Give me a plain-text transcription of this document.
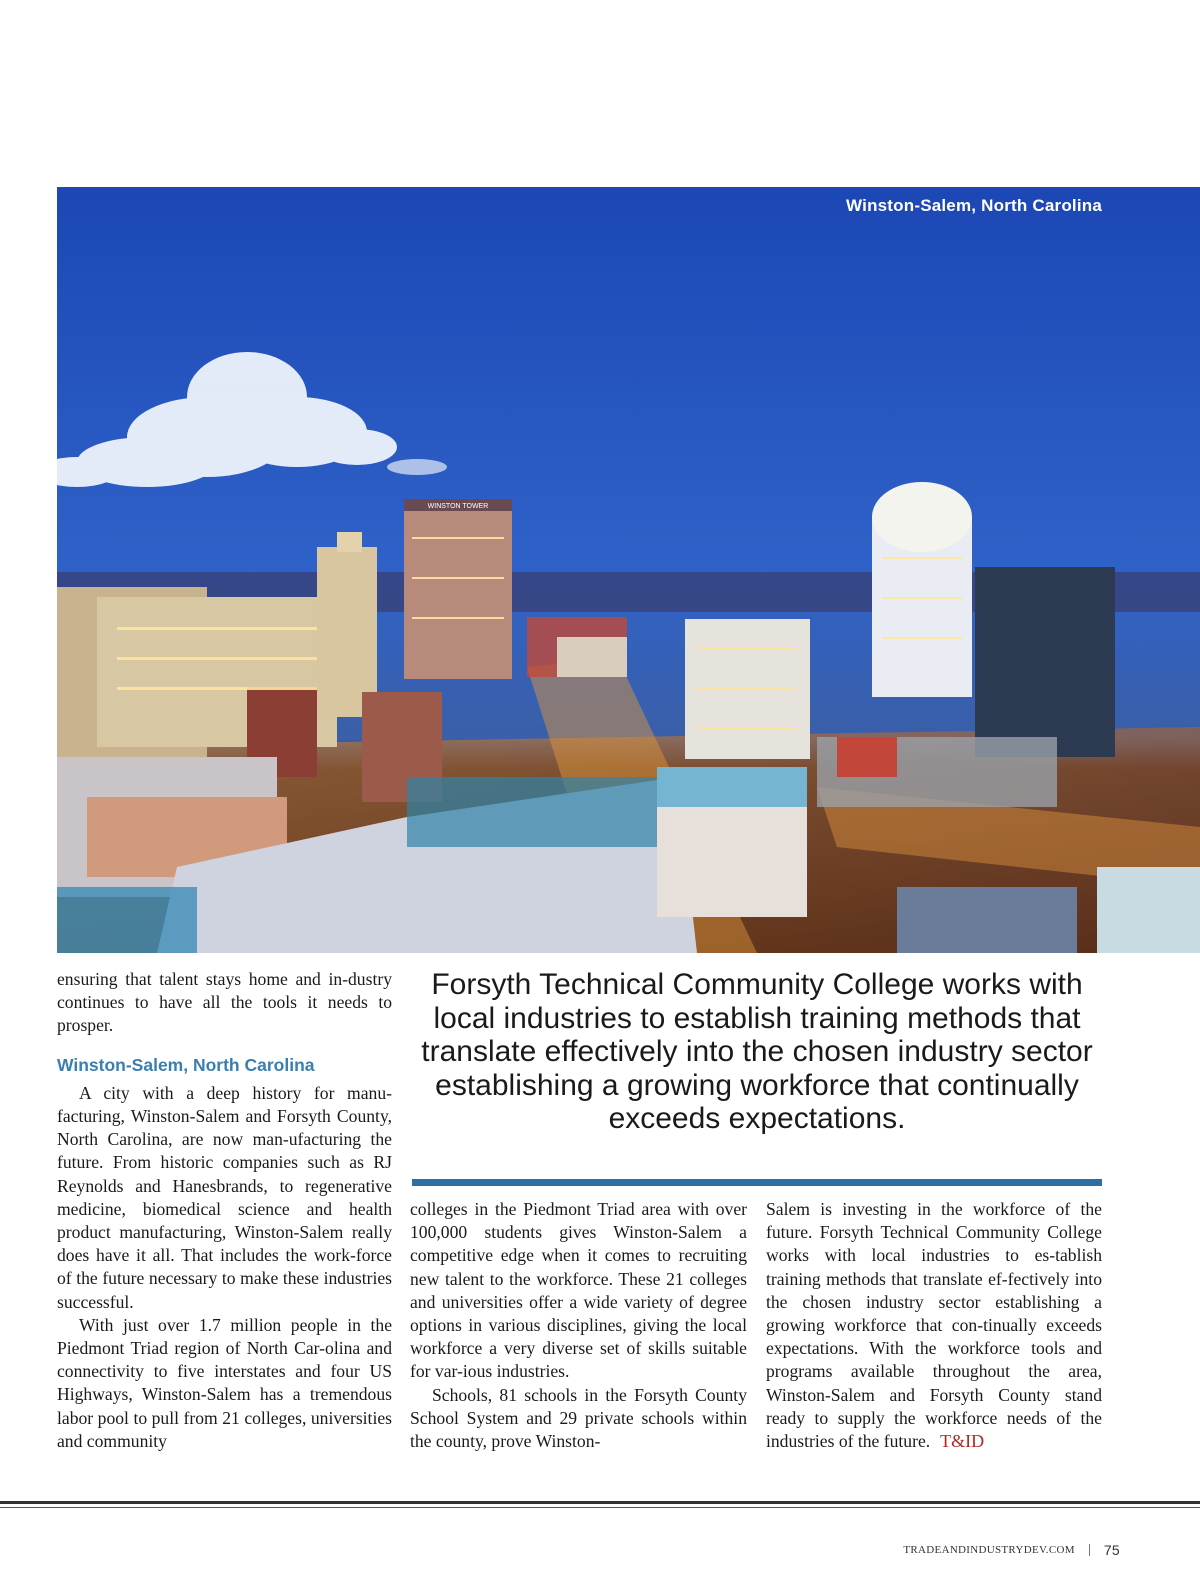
WINSTON TOWER
Winston-Salem, North Carolina

ensuring that talent stays home and in-dustry continues to have all the tools it needs to prosper.

Winston-Salem, North Carolina

A city with a deep history for manu-facturing, Winston-Salem and Forsyth County, North Carolina, are now man-ufacturing the future. From historic companies such as RJ Reynolds and Hanesbrands, to regenerative medicine, biomedical science and health product manufacturing, Winston-Salem really does have it all. That includes the work-force of the future necessary to make these industries successful.

With just over 1.7 million people in the Piedmont Triad region of North Car-olina and connectivity to five interstates and four US Highways, Winston-Salem has a tremendous labor pool to pull from 21 colleges, universities and community

Forsyth Technical Community College works with local industries to establish training methods that translate effectively into the chosen industry sector establishing a growing workforce that continually exceeds expectations.

colleges in the Piedmont Triad area with over 100,000 students gives Winston-Salem a competitive edge when it comes to recruiting new talent to the workforce. These 21 colleges and universities offer a wide variety of degree options in various disciplines, giving the local workforce a very diverse set of skills suitable for var-ious industries.

Schools, 81 schools in the Forsyth County School System and 29 private schools within the county, prove Winston-

Salem is investing in the workforce of the future. Forsyth Technical Community College works with local industries to es-tablish training methods that translate ef-fectively into the chosen industry sector establishing a growing workforce that con-tinually exceeds expectations. With the workforce tools and programs available throughout the area, Winston-Salem and Forsyth County stand ready to supply the workforce needs of the industries of the future. T&ID

TRADEANDINDUSTRYDEV.COM 75
